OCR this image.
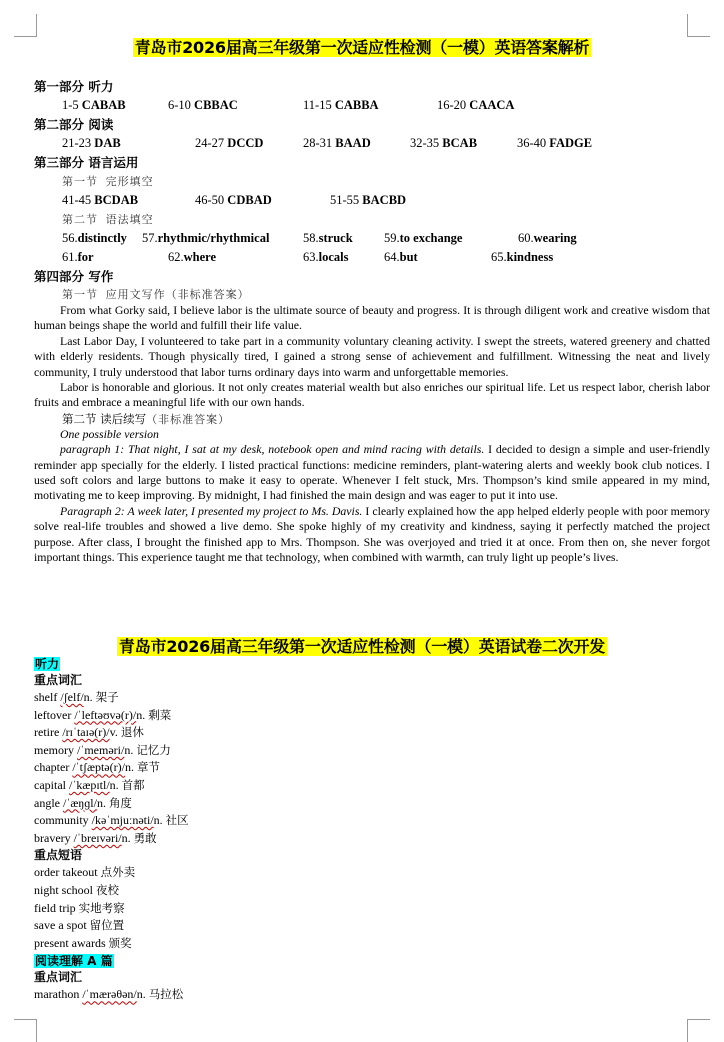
青岛市2026届高三年级第一次适应性检测（一模）英语答案解析
第一部分 听力
1-5 CABAB	6-10 CBBAC	11-15 CABBA	16-20 CAACA
第二部分 阅读
21-23 DAB	24-27 DCCD	28-31 BAAD	32-35 BCAB	36-40 FADGE
第三部分 语言运用
第一节 完形填空
41-45 BCDAB	46-50 CDBAD	51-55 BACBD
第二节 语法填空
56.distinctly 57.rhythmic/rhythmical	58.struck	59.to exchange	60.wearing
61.for	62.where	63.locals	64.but	65.kindness
第四部分 写作
第一节 应用文写作（非标准答案）

From what Gorky said, I believe labor is the ultimate source of beauty and progress. It is through diligent work and creative wisdom that human beings shape the world and fulfill their life value.

Last Labor Day, I volunteered to take part in a community voluntary cleaning activity. I swept the streets, watered greenery and chatted with elderly residents. Though physically tired, I gained a strong sense of achievement and fulfillment. Witnessing the neat and lively community, I truly understood that labor turns ordinary days into warm and unforgettable memories.

Labor is honorable and glorious. It not only creates material wealth but also enriches our spiritual life. Let us respect labor, cherish labor fruits and embrace a meaningful life with our own hands.

第二节 读后续写（非标准答案）
One possible version

paragraph 1: That night, I sat at my desk, notebook open and mind racing with details. I decided to design a simple and user-friendly reminder app specially for the elderly. I listed practical functions: medicine reminders, plant-watering alerts and weekly book club notices. I used soft colors and large buttons to make it easy to operate. Whenever I felt stuck, Mrs. Thompson’s kind smile appeared in my mind, motivating me to keep improving. By midnight, I had finished the main design and was eager to put it into use.

Paragraph 2: A week later, I presented my project to Ms. Davis. I clearly explained how the app helped elderly people with poor memory solve real-life troubles and showed a live demo. She spoke highly of my creativity and kindness, saying it perfectly matched the project purpose. After class, I brought the finished app to Mrs. Thompson. She was overjoyed and tried it at once. From then on, she never forgot important things. This experience taught me that technology, when combined with warmth, can truly light up people’s lives.

青岛市2026届高三年级第一次适应性检测（一模）英语试卷二次开发
听力
重点词汇
shelf /ʃelf/n. 架子
leftover /ˈleftəʊvə(r)/n. 剩菜
retire /rɪˈtaɪə(r)/v. 退休
memory /ˈmeməri/n. 记忆力
chapter /ˈtʃæptə(r)/n. 章节
capital /ˈkæpɪtl/n. 首都
angle /ˈæŋɡl/n. 角度
community /kəˈmjuːnəti/n. 社区
bravery /ˈbreɪvəri/n. 勇敢
重点短语
order takeout 点外卖
night school 夜校
field trip 实地考察
save a spot 留位置
present awards 颁奖
阅读理解 A 篇
重点词汇
marathon /ˈmærəθən/n. 马拉松
